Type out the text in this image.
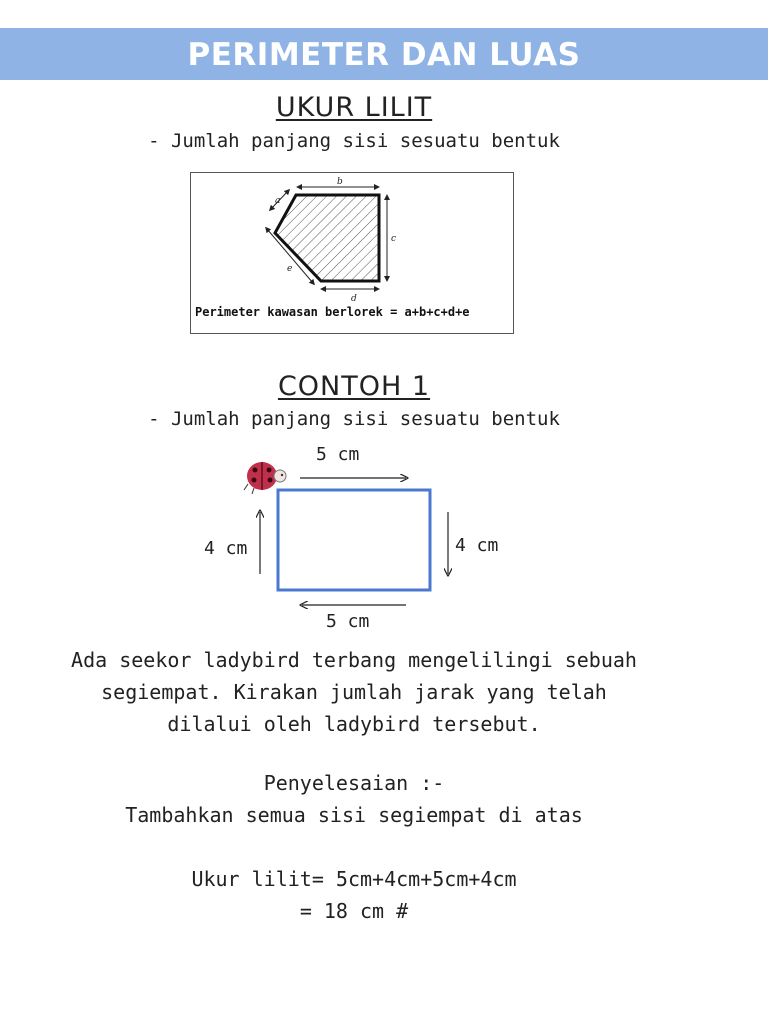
PERIMETER DAN LUAS
UKUR LILIT
- Jumlah panjang sisi sesuatu bentuk
b
c
d
a
e
Perimeter kawasan berlorek = a+b+c+d+e
CONTOH 1
- Jumlah panjang sisi sesuatu bentuk
5 cm
4 cm
5 cm
4 cm
Ada seekor ladybird terbang mengelilingi sebuah
segiempat. Kirakan jumlah jarak yang telah
dilalui oleh ladybird tersebut.
Penyelesaian :-
Tambahkan semua sisi segiempat di atas
Ukur lilit= 5cm+4cm+5cm+4cm
= 18 cm #
